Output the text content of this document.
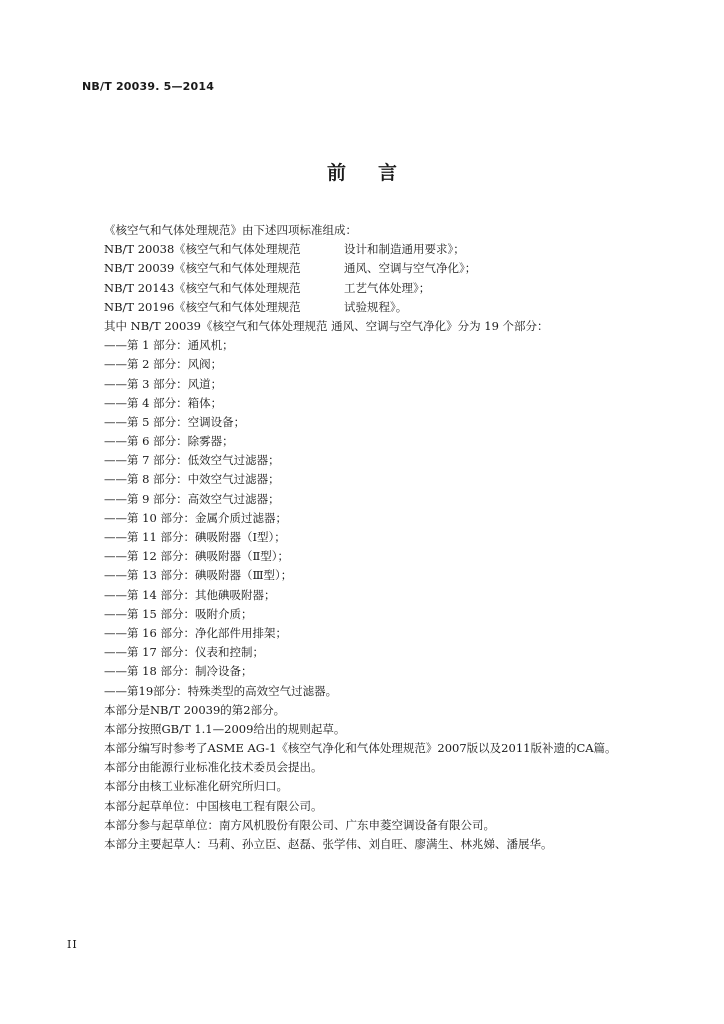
NB/T 20039. 5—2014
前言
《核空气和气体处理规范》由下述四项标准组成：
NB/T 20038《核空气和气体处理规范	设计和制造通用要求》；
NB/T 20039《核空气和气体处理规范	通风、空调与空气净化》；
NB/T 20143《核空气和气体处理规范	工艺气体处理》；
NB/T 20196《核空气和气体处理规范	试验规程》。
其中 NB/T 20039《核空气和气体处理规范 通风、空调与空气净化》分为 19 个部分：
——第 1 部分：通风机；
——第 2 部分：风阀；
——第 3 部分：风道；
——第 4 部分：箱体；
——第 5 部分：空调设备；
——第 6 部分：除雾器；
——第 7 部分：低效空气过滤器；
——第 8 部分：中效空气过滤器；
——第 9 部分：高效空气过滤器；
——第 10 部分：金属介质过滤器；
——第 11 部分：碘吸附器（Ⅰ型）；
——第 12 部分：碘吸附器（Ⅱ型）；
——第 13 部分：碘吸附器（Ⅲ型）；
——第 14 部分：其他碘吸附器；
——第 15 部分：吸附介质；
——第 16 部分：净化部件用排架；
——第 17 部分：仪表和控制；
——第 18 部分：制冷设备；
——第19部分：特殊类型的高效空气过滤器。
本部分是NB/T 20039的第2部分。
本部分按照GB/T 1.1—2009给出的规则起草。
本部分编写时参考了ASME AG-1《核空气净化和气体处理规范》2007版以及2011版补遗的CA篇。
本部分由能源行业标准化技术委员会提出。
本部分由核工业标准化研究所归口。
本部分起草单位：中国核电工程有限公司。
本部分参与起草单位：南方风机股份有限公司、广东申菱空调设备有限公司。
本部分主要起草人：马莉、孙立臣、赵磊、张学伟、刘自旺、廖满生、林兆娣、潘展华。
II
